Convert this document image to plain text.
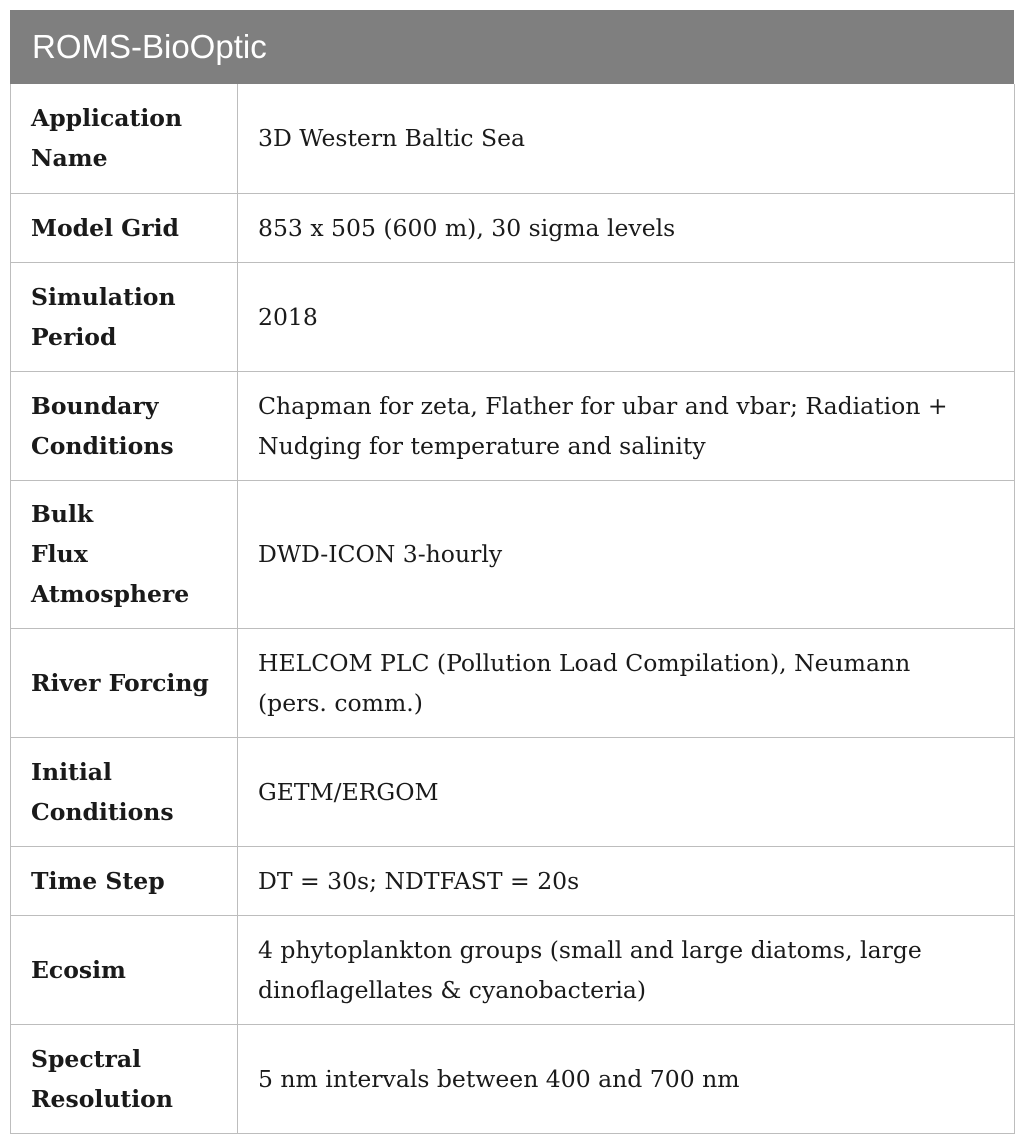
ROMS-BioOptic
Application
Name	3D Western Baltic Sea
Model Grid	853 x 505 (600 m), 30 sigma levels
Simulation
Period	2018
Boundary
Conditions	Chapman for zeta, Flather for ubar and vbar; Radiation +
Nudging for temperature and salinity
Bulk
Flux
Atmosphere	DWD-ICON 3-hourly
River Forcing	HELCOM PLC (Pollution Load Compilation), Neumann
(pers. comm.)
Initial
Conditions	GETM/ERGOM
Time Step	DT = 30s; NDTFAST = 20s
Ecosim	4 phytoplankton groups (small and large diatoms, large
dinoflagellates & cyanobacteria)
Spectral
Resolution	5 nm intervals between 400 and 700 nm
